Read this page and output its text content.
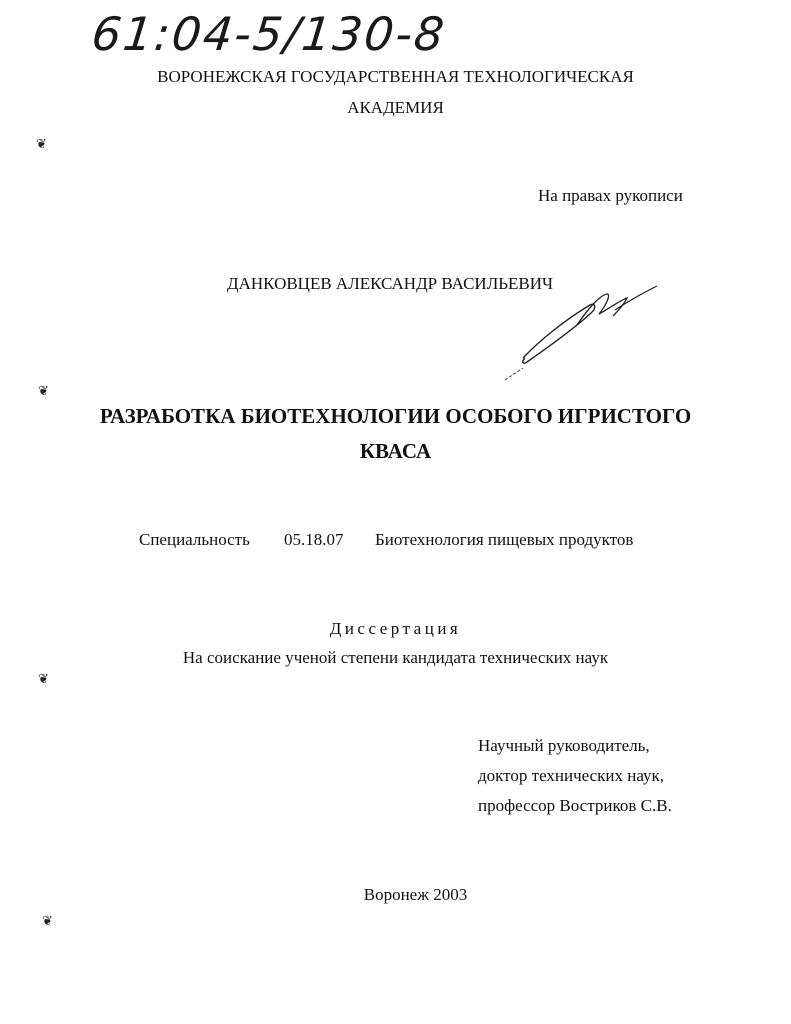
61:04-5/130-8
ВОРОНЕЖСКАЯ ГОСУДАРСТВЕННАЯ ТЕХНОЛОГИЧЕСКАЯ
АКАДЕМИЯ
❦
На правах рукописи
ДАНКОВЦЕВ АЛЕКСАНДР ВАСИЛЬЕВИЧ
❦
РАЗРАБОТКА БИОТЕХНОЛОГИИ ОСОБОГО ИГРИСТОГО
КВАСА
Специальность 05.18.07 Биотехнология пищевых продуктов
Диссертация
На соискание ученой степени кандидата технических наук
❦
Научный руководитель,
доктор технических наук,
профессор Востриков С.В.
Воронеж 2003
❦
